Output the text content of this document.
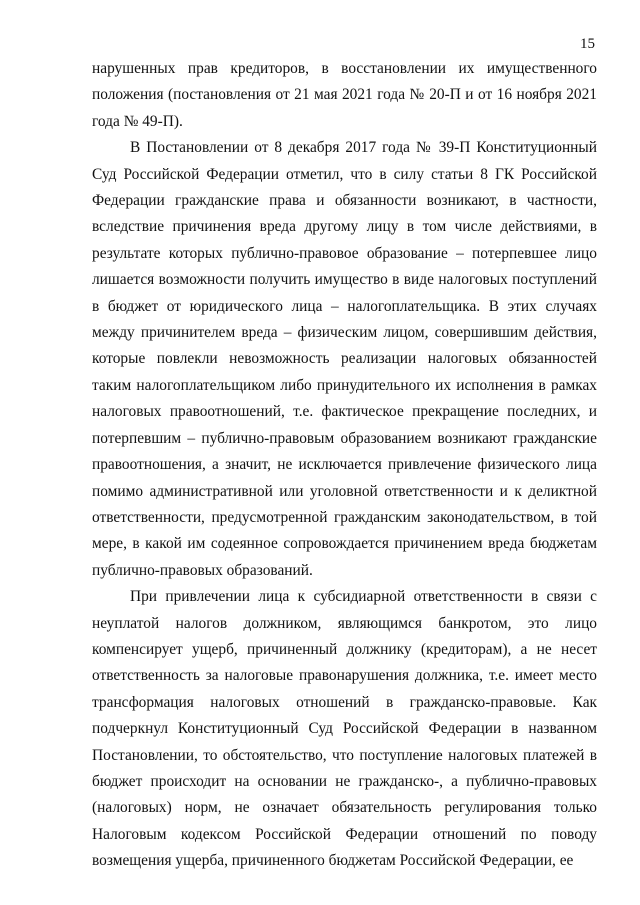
15

нарушенных прав кредиторов, в восстановлении их имущественного положения (постановления от 21 мая 2021 года № 20-П и от 16 ноября 2021 года № 49-П).

В Постановлении от 8 декабря 2017 года № 39-П Конституционный Суд Российской Федерации отметил, что в силу статьи 8 ГК Российской Федерации гражданские права и обязанности возникают, в частности, вследствие причинения вреда другому лицу в том числе действиями, в результате которых публично-правовое образование – потерпевшее лицо лишается возможности получить имущество в виде налоговых поступлений в бюджет от юридического лица – налогоплательщика. В этих случаях между причинителем вреда – физическим лицом, совершившим действия, которые повлекли невозможность реализации налоговых обязанностей таким налогоплательщиком либо принудительного их исполнения в рамках налоговых правоотношений, т.е. фактическое прекращение последних, и потерпевшим – публично-правовым образованием возникают гражданские правоотношения, а значит, не исключается привлечение физического лица помимо административной или уголовной ответственности и к деликтной ответственности, предусмотренной гражданским законодательством, в той мере, в какой им содеянное сопровождается причинением вреда бюджетам публично-правовых образований.

При привлечении лица к субсидиарной ответственности в связи с неуплатой налогов должником, являющимся банкротом, это лицо компенсирует ущерб, причиненный должнику (кредиторам), а не несет ответственность за налоговые правонарушения должника, т.е. имеет место трансформация налоговых отношений в гражданско-правовые. Как подчеркнул Конституционный Суд Российской Федерации в названном Постановлении, то обстоятельство, что поступление налоговых платежей в бюджет происходит на основании не гражданско-, а публично-правовых (налоговых) норм, не означает обязательность регулирования только Налоговым кодексом Российской Федерации отношений по поводу возмещения ущерба, причиненного бюджетам Российской Федерации, ее
